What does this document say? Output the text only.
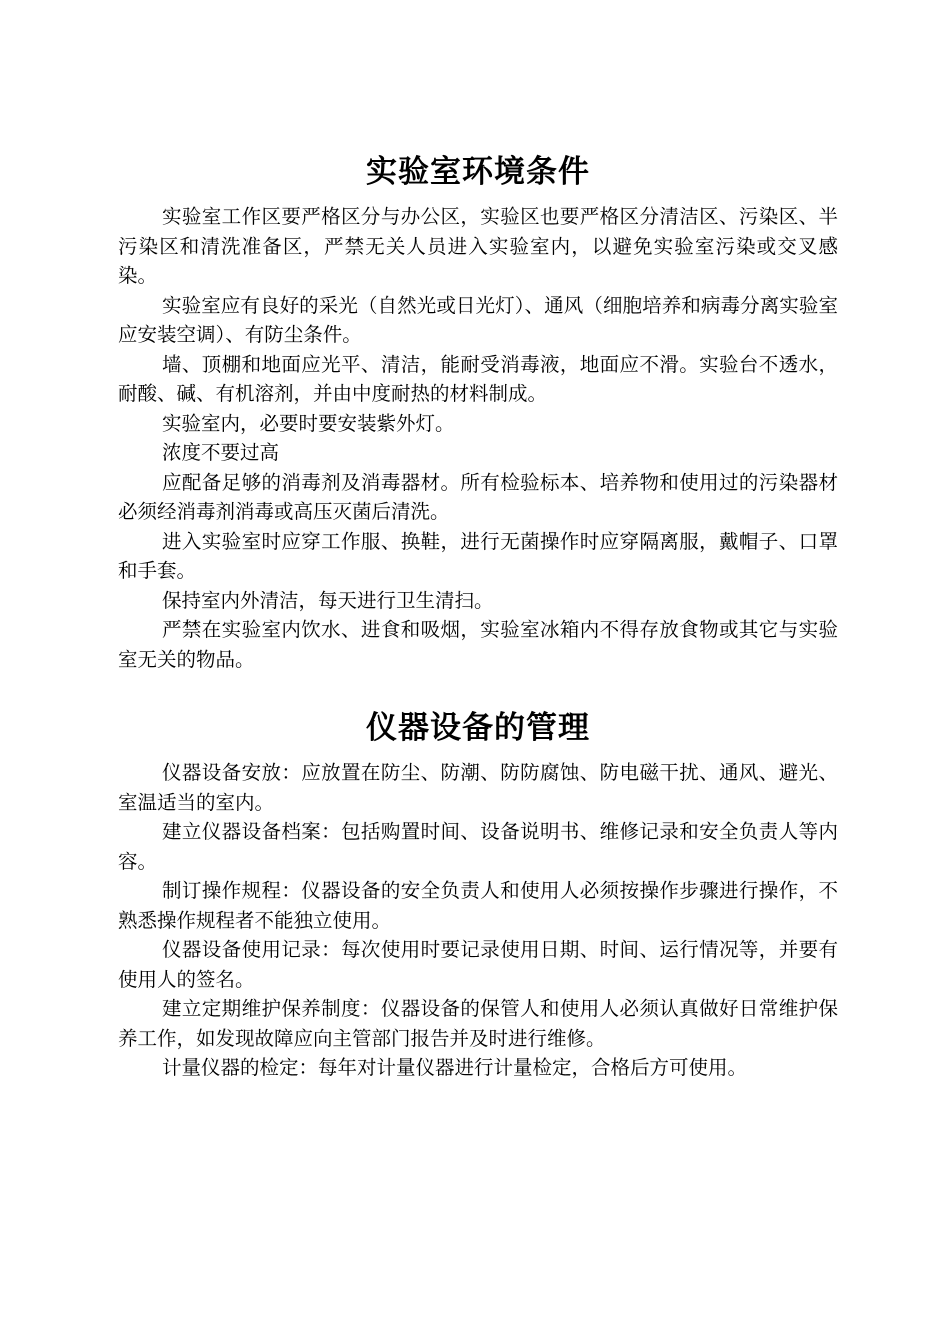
实验室环境条件

实验室工作区要严格区分与办公区，实验区也要严格区分清洁区、污染区、半污染区和清洗准备区，严禁无关人员进入实验室内，以避免实验室污染或交叉感染。

实验室应有良好的采光（自然光或日光灯）、通风（细胞培养和病毒分离实验室应安装空调）、有防尘条件。

墙、顶棚和地面应光平、清洁，能耐受消毒液，地面应不滑。实验台不透水，耐酸、碱、有机溶剂，并由中度耐热的材料制成。

实验室内，必要时要安装紫外灯。

浓度不要过高

应配备足够的消毒剂及消毒器材。所有检验标本、培养物和使用过的污染器材必须经消毒剂消毒或高压灭菌后清洗。

进入实验室时应穿工作服、换鞋，进行无菌操作时应穿隔离服，戴帽子、口罩和手套。

保持室内外清洁，每天进行卫生清扫。

严禁在实验室内饮水、进食和吸烟，实验室冰箱内不得存放食物或其它与实验室无关的物品。

仪器设备的管理

仪器设备安放：应放置在防尘、防潮、防防腐蚀、防电磁干扰、通风、避光、室温适当的室内。

建立仪器设备档案：包括购置时间、设备说明书、维修记录和安全负责人等内容。

制订操作规程：仪器设备的安全负责人和使用人必须按操作步骤进行操作，不熟悉操作规程者不能独立使用。

仪器设备使用记录：每次使用时要记录使用日期、时间、运行情况等，并要有使用人的签名。

建立定期维护保养制度：仪器设备的保管人和使用人必须认真做好日常维护保养工作，如发现故障应向主管部门报告并及时进行维修。

计量仪器的检定：每年对计量仪器进行计量检定，合格后方可使用。
